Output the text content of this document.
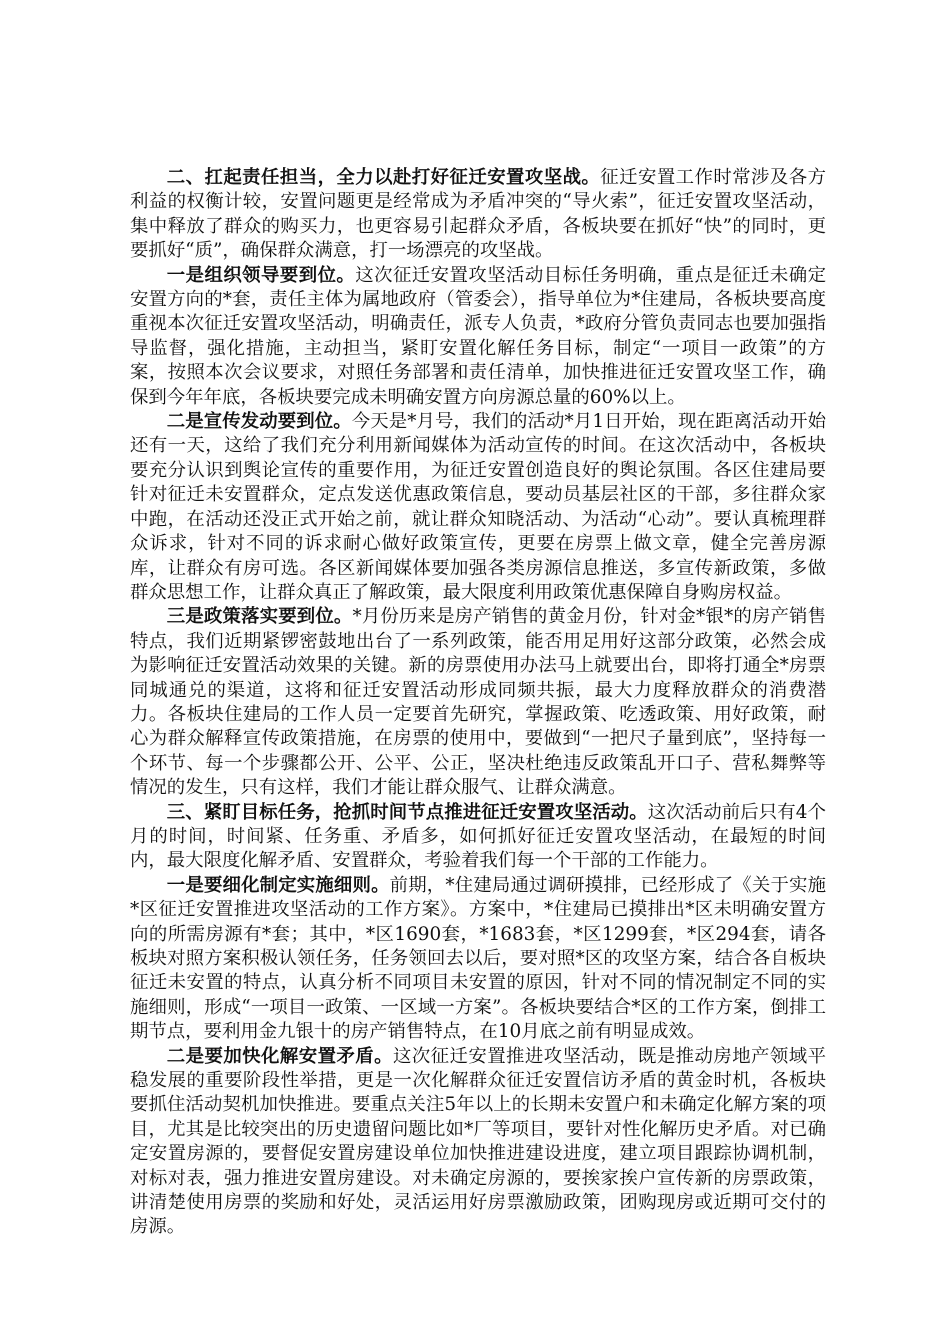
二、扛起责任担当，全力以赴打好征迁安置攻坚战。征迁安置工作时常涉及各方利益的权衡计较，安置问题更是经常成为矛盾冲突的“导火索”，征迁安置攻坚活动，集中释放了群众的购买力，也更容易引起群众矛盾，各板块要在抓好“快”的同时，更要抓好“质”，确保群众满意，打一场漂亮的攻坚战。

一是组织领导要到位。这次征迁安置攻坚活动目标任务明确，重点是征迁未确定安置方向的*套，责任主体为属地政府（管委会），指导单位为*住建局，各板块要高度重视本次征迁安置攻坚活动，明确责任，派专人负责，*政府分管负责同志也要加强指导监督，强化措施，主动担当，紧盯安置化解任务目标，制定“一项目一政策”的方案，按照本次会议要求，对照任务部署和责任清单，加快推进征迁安置攻坚工作，确保到今年年底，各板块要完成未明确安置方向房源总量的60%以上。

二是宣传发动要到位。今天是*月号，我们的活动*月1日开始，现在距离活动开始还有一天，这给了我们充分利用新闻媒体为活动宣传的时间。在这次活动中，各板块要充分认识到舆论宣传的重要作用，为征迁安置创造良好的舆论氛围。各区住建局要针对征迁未安置群众，定点发送优惠政策信息，要动员基层社区的干部，多往群众家中跑，在活动还没正式开始之前，就让群众知晓活动、为活动“心动”。要认真梳理群众诉求，针对不同的诉求耐心做好政策宣传，更要在房票上做文章，健全完善房源库，让群众有房可选。各区新闻媒体要加强各类房源信息推送，多宣传新政策，多做群众思想工作，让群众真正了解政策，最大限度利用政策优惠保障自身购房权益。

三是政策落实要到位。*月份历来是房产销售的黄金月份，针对金*银*的房产销售特点，我们近期紧锣密鼓地出台了一系列政策，能否用足用好这部分政策，必然会成为影响征迁安置活动效果的关键。新的房票使用办法马上就要出台，即将打通全*房票同城通兑的渠道，这将和征迁安置活动形成同频共振，最大力度释放群众的消费潜力。各板块住建局的工作人员一定要首先研究，掌握政策、吃透政策、用好政策，耐心为群众解释宣传政策措施，在房票的使用中，要做到“一把尺子量到底”，坚持每一个环节、每一个步骤都公开、公平、公正，坚决杜绝违反政策乱开口子、营私舞弊等情况的发生，只有这样，我们才能让群众服气、让群众满意。

三、紧盯目标任务，抢抓时间节点推进征迁安置攻坚活动。这次活动前后只有4个月的时间，时间紧、任务重、矛盾多，如何抓好征迁安置攻坚活动，在最短的时间内，最大限度化解矛盾、安置群众，考验着我们每一个干部的工作能力。

一是要细化制定实施细则。前期，*住建局通过调研摸排，已经形成了《关于实施*区征迁安置推进攻坚活动的工作方案》。方案中，*住建局已摸排出*区未明确安置方向的所需房源有*套；其中，*区1690套，*1683套，*区1299套，*区294套，请各板块对照方案积极认领任务，任务领回去以后，要对照*区的攻坚方案，结合各自板块征迁未安置的特点，认真分析不同项目未安置的原因，针对不同的情况制定不同的实施细则，形成“一项目一政策、一区域一方案”。各板块要结合*区的工作方案，倒排工期节点，要利用金九银十的房产销售特点，在10月底之前有明显成效。

二是要加快化解安置矛盾。这次征迁安置推进攻坚活动，既是推动房地产领域平稳发展的重要阶段性举措，更是一次化解群众征迁安置信访矛盾的黄金时机，各板块要抓住活动契机加快推进。要重点关注5年以上的长期未安置户和未确定化解方案的项目，尤其是比较突出的历史遗留问题比如*厂等项目，要针对性化解历史矛盾。对已确定安置房源的，要督促安置房建设单位加快推进建设进度，建立项目跟踪协调机制，对标对表，强力推进安置房建设。对未确定房源的，要挨家挨户宣传新的房票政策，讲清楚使用房票的奖励和好处，灵活运用好房票激励政策，团购现房或近期可交付的房源。
